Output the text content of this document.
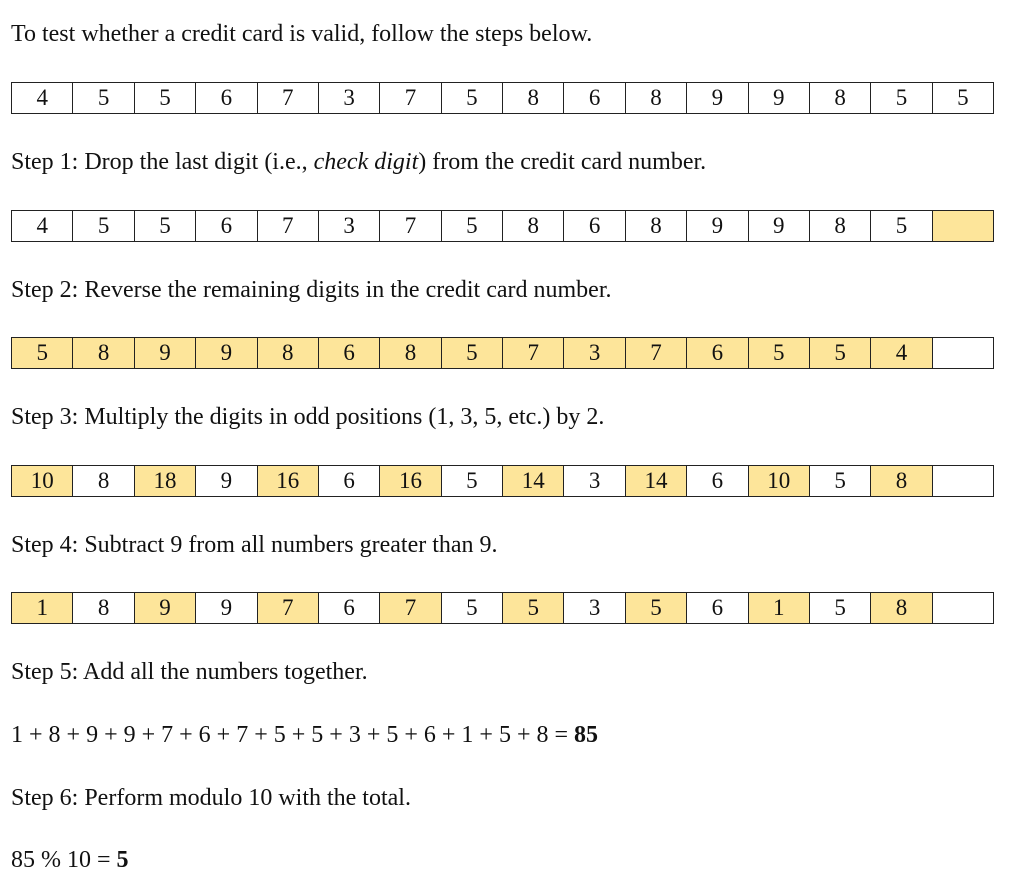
To test whether a credit card is valid, follow the steps below.
4	5	5	6	7	3	7	5	8	6	8	9	9	8	5	5
Step 1: Drop the last digit (i.e., check digit) from the credit card number.
4	5	5	6	7	3	7	5	8	6	8	9	9	8	5
Step 2: Reverse the remaining digits in the credit card number.
5	8	9	9	8	6	8	5	7	3	7	6	5	5	4
Step 3: Multiply the digits in odd positions (1, 3, 5, etc.) by 2.
10	8	18	9	16	6	16	5	14	3	14	6	10	5	8
Step 4: Subtract 9 from all numbers greater than 9.
1	8	9	9	7	6	7	5	5	3	5	6	1	5	8
Step 5: Add all the numbers together.
1 + 8 + 9 + 9 + 7 + 6 + 7 + 5 + 5 + 3 + 5 + 6 + 1 + 5 + 8 = 85
Step 6: Perform modulo 10 with the total.
85 % 10 = 5
